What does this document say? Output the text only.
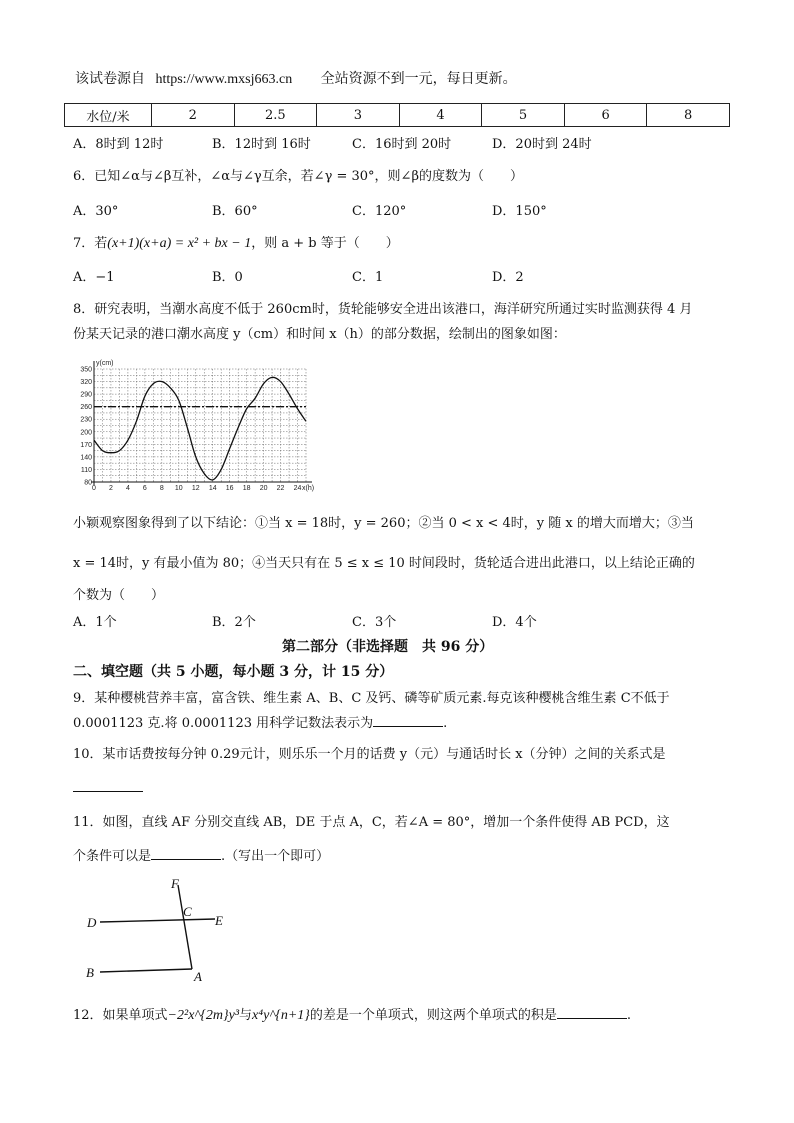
该试卷源自 https://www.mxsj663.cn 全站资源不到一元，每日更新。
水位/米	2	2.5	3	4	5	6	8
A．8时到 12时	B．12时到 16时	C．16时到 20时	D．20时到 24时
6．已知∠α与∠β互补，∠α与∠γ互余，若∠γ = 30°，则∠β的度数为（　　）
A．30°	B．60°	C．120°	D．150°
7．若(x+1)(x+a) = x² + bx − 1，则 a + b 等于（　　）
A．−1	B．0	C．1	D．2
8．研究表明，当潮水高度不低于 260cm时，货轮能够安全进出该港口，海洋研究所通过实时监测获得 4 月
份某天记录的港口潮水高度 y（cm）和时间 x（h）的部分数据，绘制出的图象如图：
0 2 4 6 8 10 12 14 16 18 20 22 24
80
110
140
170
200
230
260
290
320
350
x(h)
y(cm)
小颖观察图象得到了以下结论：①当 x = 18时，y = 260；②当 0 < x < 4时，y 随 x 的增大而增大；③当
x = 14时，y 有最小值为 80；④当天只有在 5 ≤ x ≤ 10 时间段时，货轮适合进出此港口，以上结论正确的
个数为（　　）
A．1个	B．2个	C．3个	D．4个
第二部分（非选择题　共 96 分）
二、填空题（共 5 小题，每小题 3 分，计 15 分）
9．某种樱桃营养丰富，富含铁、维生素 A、B、C 及钙、磷等矿质元素.每克该种樱桃含维生素 C不低于
0.0001123 克.将 0.0001123 用科学记数法表示为	.
10．某市话费按每分钟 0.29元计，则乐乐一个月的话费 y（元）与通话时长 x（分钟）之间的关系式是
11．如图，直线 AF 分别交直线 AB，DE 于点 A，C，若∠A = 80°，增加一个条件使得 AB PCD，这
个条件可以是	.（写出一个即可）
F
C
E
D
B	A
12．如果单项式−2²x^{2m}y³与x⁴y^{n+1}的差是一个单项式，则这两个单项式的积是	.
